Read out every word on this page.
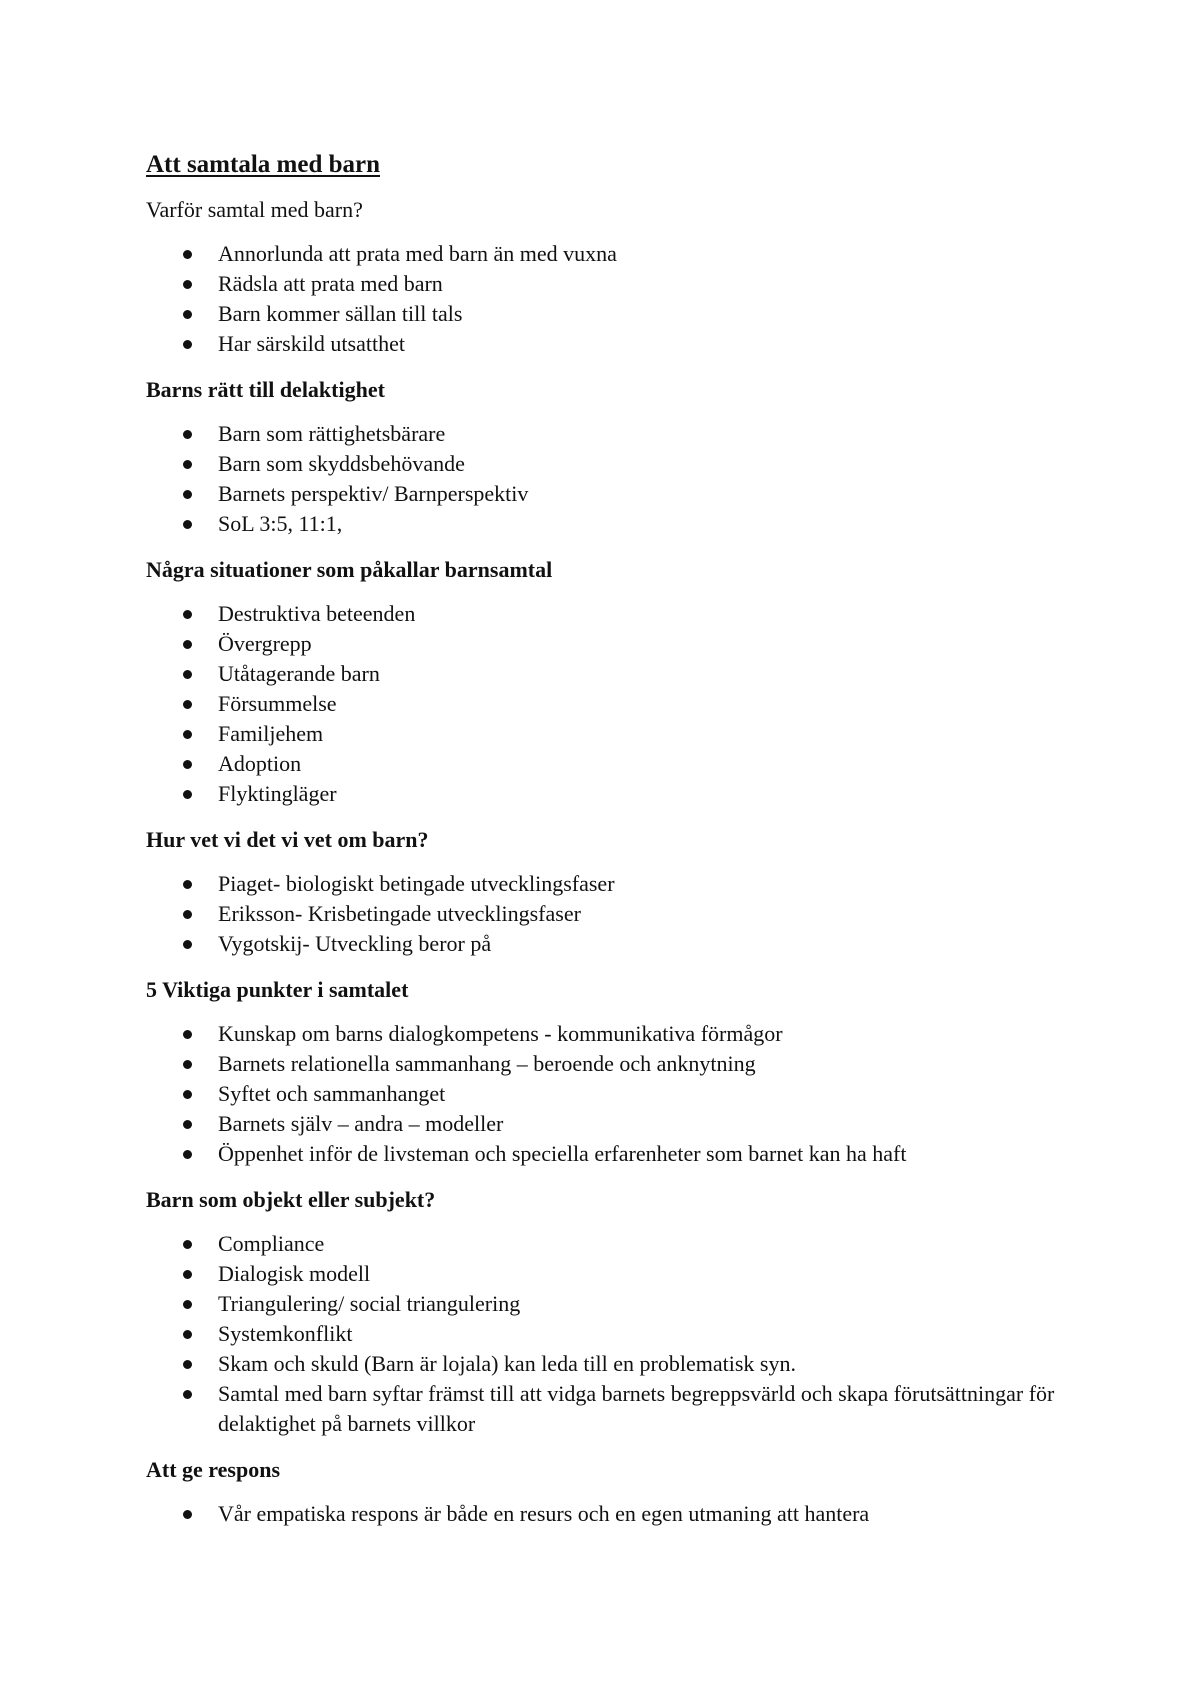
Att samtala med barn

Varför samtal med barn?

Annorlunda att prata med barn än med vuxna
Rädsla att prata med barn
Barn kommer sällan till tals
Har särskild utsatthet
Barns rätt till delaktighet
Barn som rättighetsbärare
Barn som skyddsbehövande
Barnets perspektiv/ Barnperspektiv
SoL 3:5, 11:1,
Några situationer som påkallar barnsamtal
Destruktiva beteenden
Övergrepp
Utåtagerande barn
Försummelse
Familjehem
Adoption
Flyktingläger
Hur vet vi det vi vet om barn?
Piaget- biologiskt betingade utvecklingsfaser
Eriksson- Krisbetingade utvecklingsfaser
Vygotskij- Utveckling beror på
5 Viktiga punkter i samtalet
Kunskap om barns dialogkompetens - kommunikativa förmågor
Barnets relationella sammanhang – beroende och anknytning
Syftet och sammanhanget
Barnets själv – andra – modeller
Öppenhet inför de livsteman och speciella erfarenheter som barnet kan ha haft
Barn som objekt eller subjekt?
Compliance
Dialogisk modell
Triangulering/ social triangulering
Systemkonflikt
Skam och skuld (Barn är lojala) kan leda till en problematisk syn.
Samtal med barn syftar främst till att vidga barnets begreppsvärld och skapa förutsättningar för delaktighet på barnets villkor
Att ge respons
Vår empatiska respons är både en resurs och en egen utmaning att hantera
